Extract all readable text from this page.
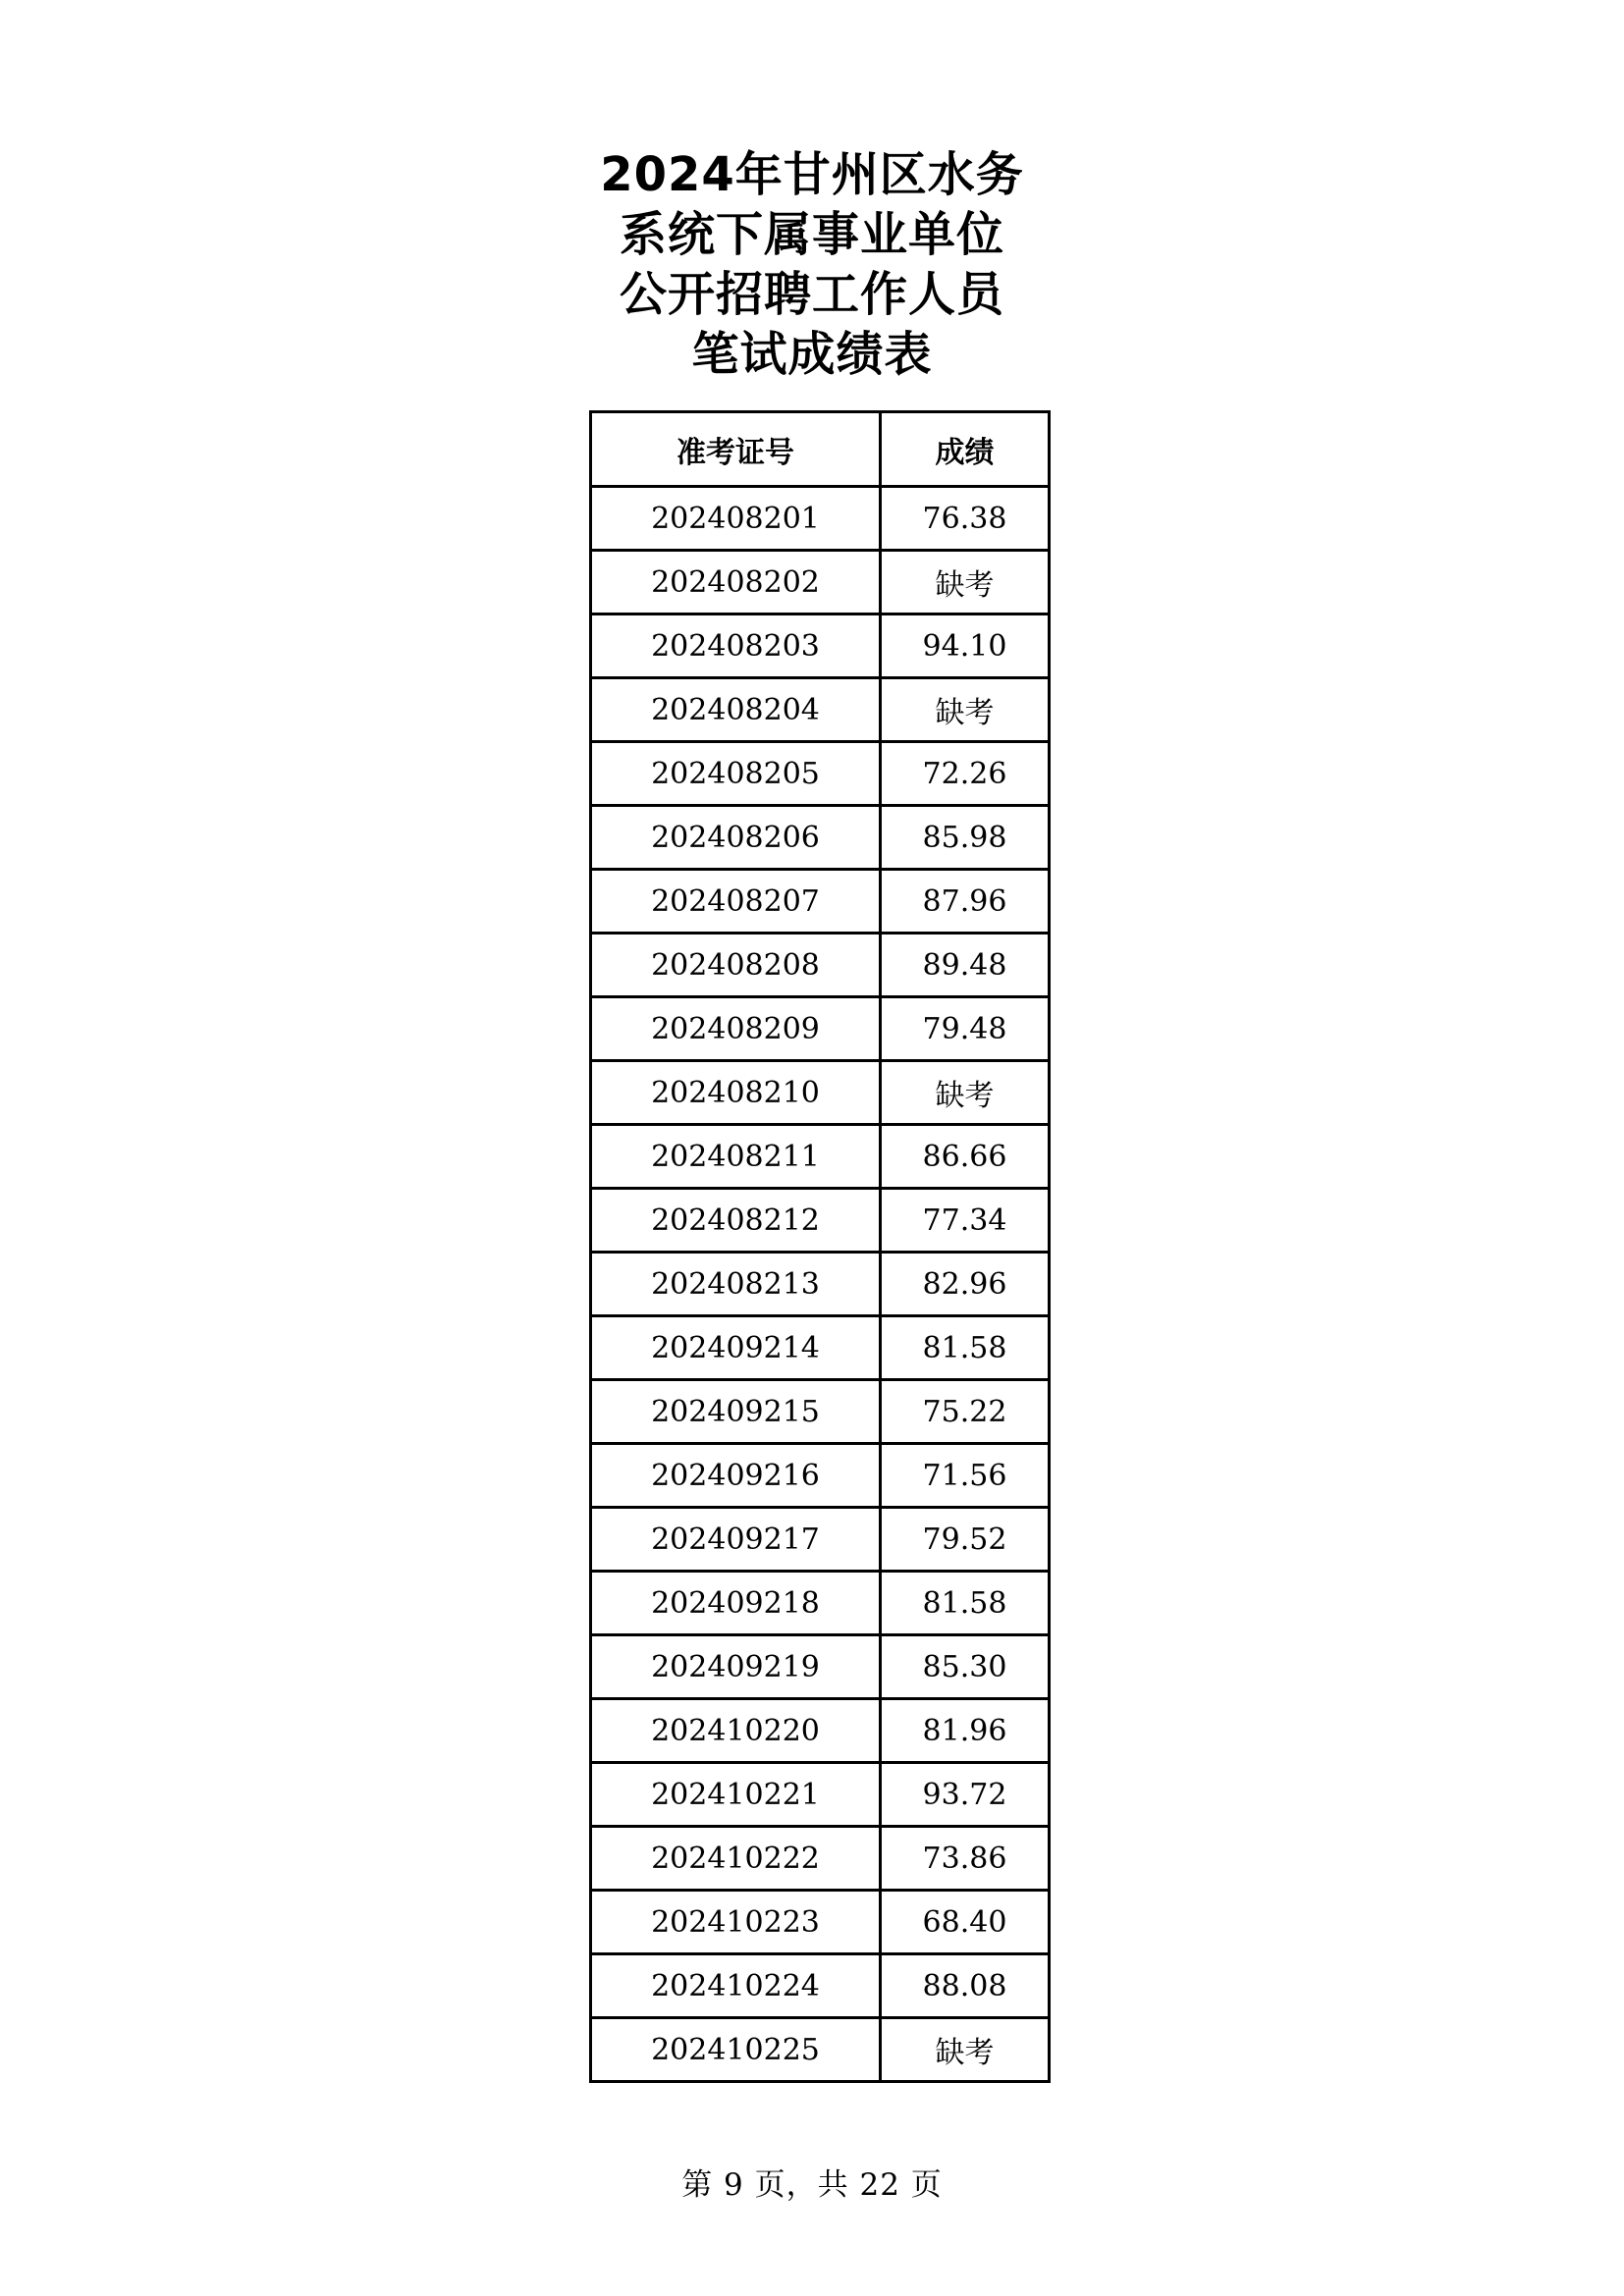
2024年甘州区水务
系统下属事业单位
公开招聘工作人员
笔试成绩表
准考证号	成绩
202408201	76.38
202408202	缺考
202408203	94.10
202408204	缺考
202408205	72.26
202408206	85.98
202408207	87.96
202408208	89.48
202408209	79.48
202408210	缺考
202408211	86.66
202408212	77.34
202408213	82.96
202409214	81.58
202409215	75.22
202409216	71.56
202409217	79.52
202409218	81.58
202409219	85.30
202410220	81.96
202410221	93.72
202410222	73.86
202410223	68.40
202410224	88.08
202410225	缺考
第 9 页，共 22 页
